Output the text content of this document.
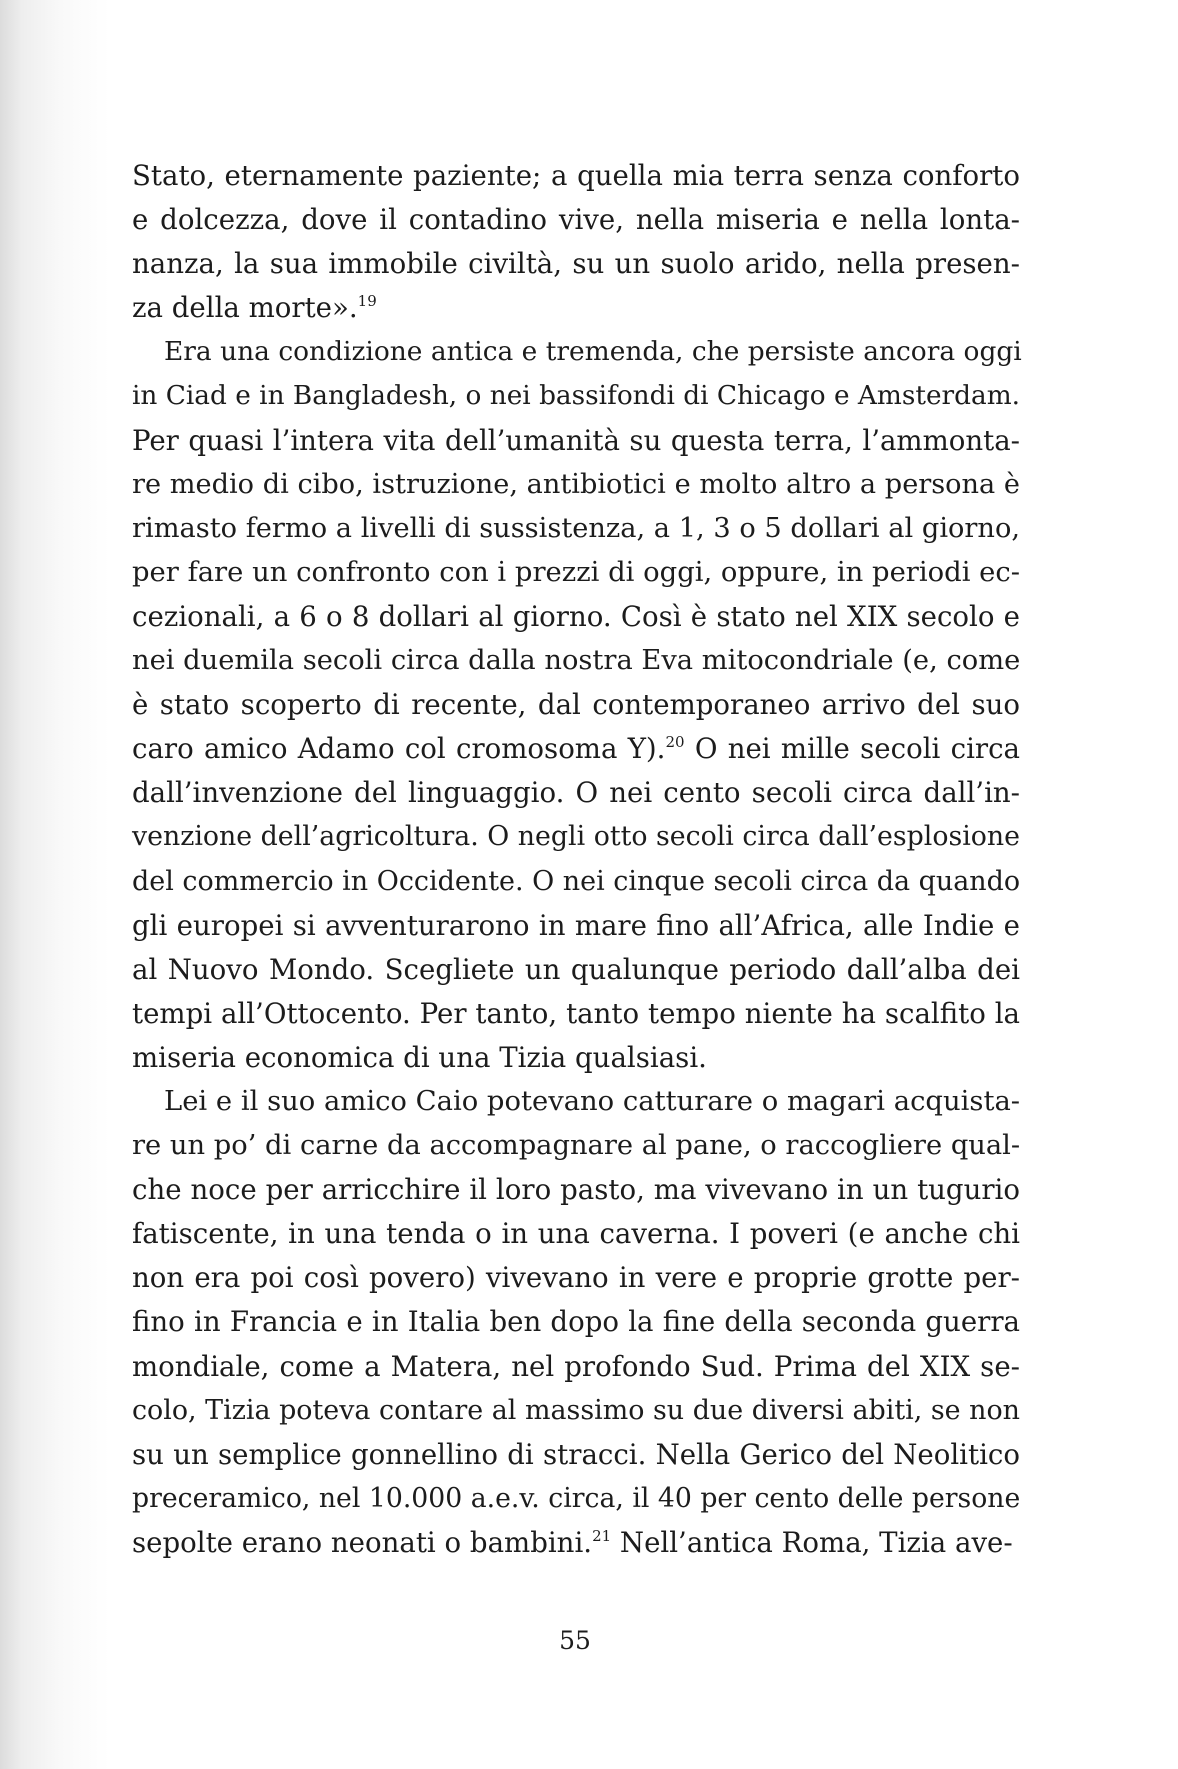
Stato, eternamente paziente; a quella mia terra senza conforto
e dolcezza, dove il contadino vive, nella miseria e nella lonta-
nanza, la sua immobile civiltà, su un suolo arido, nella presen-
za della morte».$^{19}$
Era una condizione antica e tremenda, che persiste ancora oggi
in Ciad e in Bangladesh, o nei bassifondi di Chicago e Amsterdam.
Per quasi l’intera vita dell’umanità su questa terra, l’ammonta-
re medio di cibo, istruzione, antibiotici e molto altro a persona è
rimasto fermo a livelli di sussistenza, a 1, 3 o 5 dollari al giorno,
per fare un confronto con i prezzi di oggi, oppure, in periodi ec-
cezionali, a 6 o 8 dollari al giorno. Così è stato nel XIX secolo e
nei duemila secoli circa dalla nostra Eva mitocondriale (e, come
è stato scoperto di recente, dal contemporaneo arrivo del suo
caro amico Adamo col cromosoma Y).$^{20}$ O nei mille secoli circa
dall’invenzione del linguaggio. O nei cento secoli circa dall’in-
venzione dell’agricoltura. O negli otto secoli circa dall’esplosione
del commercio in Occidente. O nei cinque secoli circa da quando
gli europei si avventurarono in mare fino all’Africa, alle Indie e
al Nuovo Mondo. Scegliete un qualunque periodo dall’alba dei
tempi all’Ottocento. Per tanto, tanto tempo niente ha scalfito la
miseria economica di una Tizia qualsiasi.
Lei e il suo amico Caio potevano catturare o magari acquista-
re un po’ di carne da accompagnare al pane, o raccogliere qual-
che noce per arricchire il loro pasto, ma vivevano in un tugurio
fatiscente, in una tenda o in una caverna. I poveri (e anche chi
non era poi così povero) vivevano in vere e proprie grotte per-
fino in Francia e in Italia ben dopo la fine della seconda guerra
mondiale, come a Matera, nel profondo Sud. Prima del XIX se-
colo, Tizia poteva contare al massimo su due diversi abiti, se non
su un semplice gonnellino di stracci. Nella Gerico del Neolitico
preceramico, nel 10.000 a.e.v. circa, il 40 per cento delle persone
sepolte erano neonati o bambini.$^{21}$ Nell’antica Roma, Tizia ave-
55
